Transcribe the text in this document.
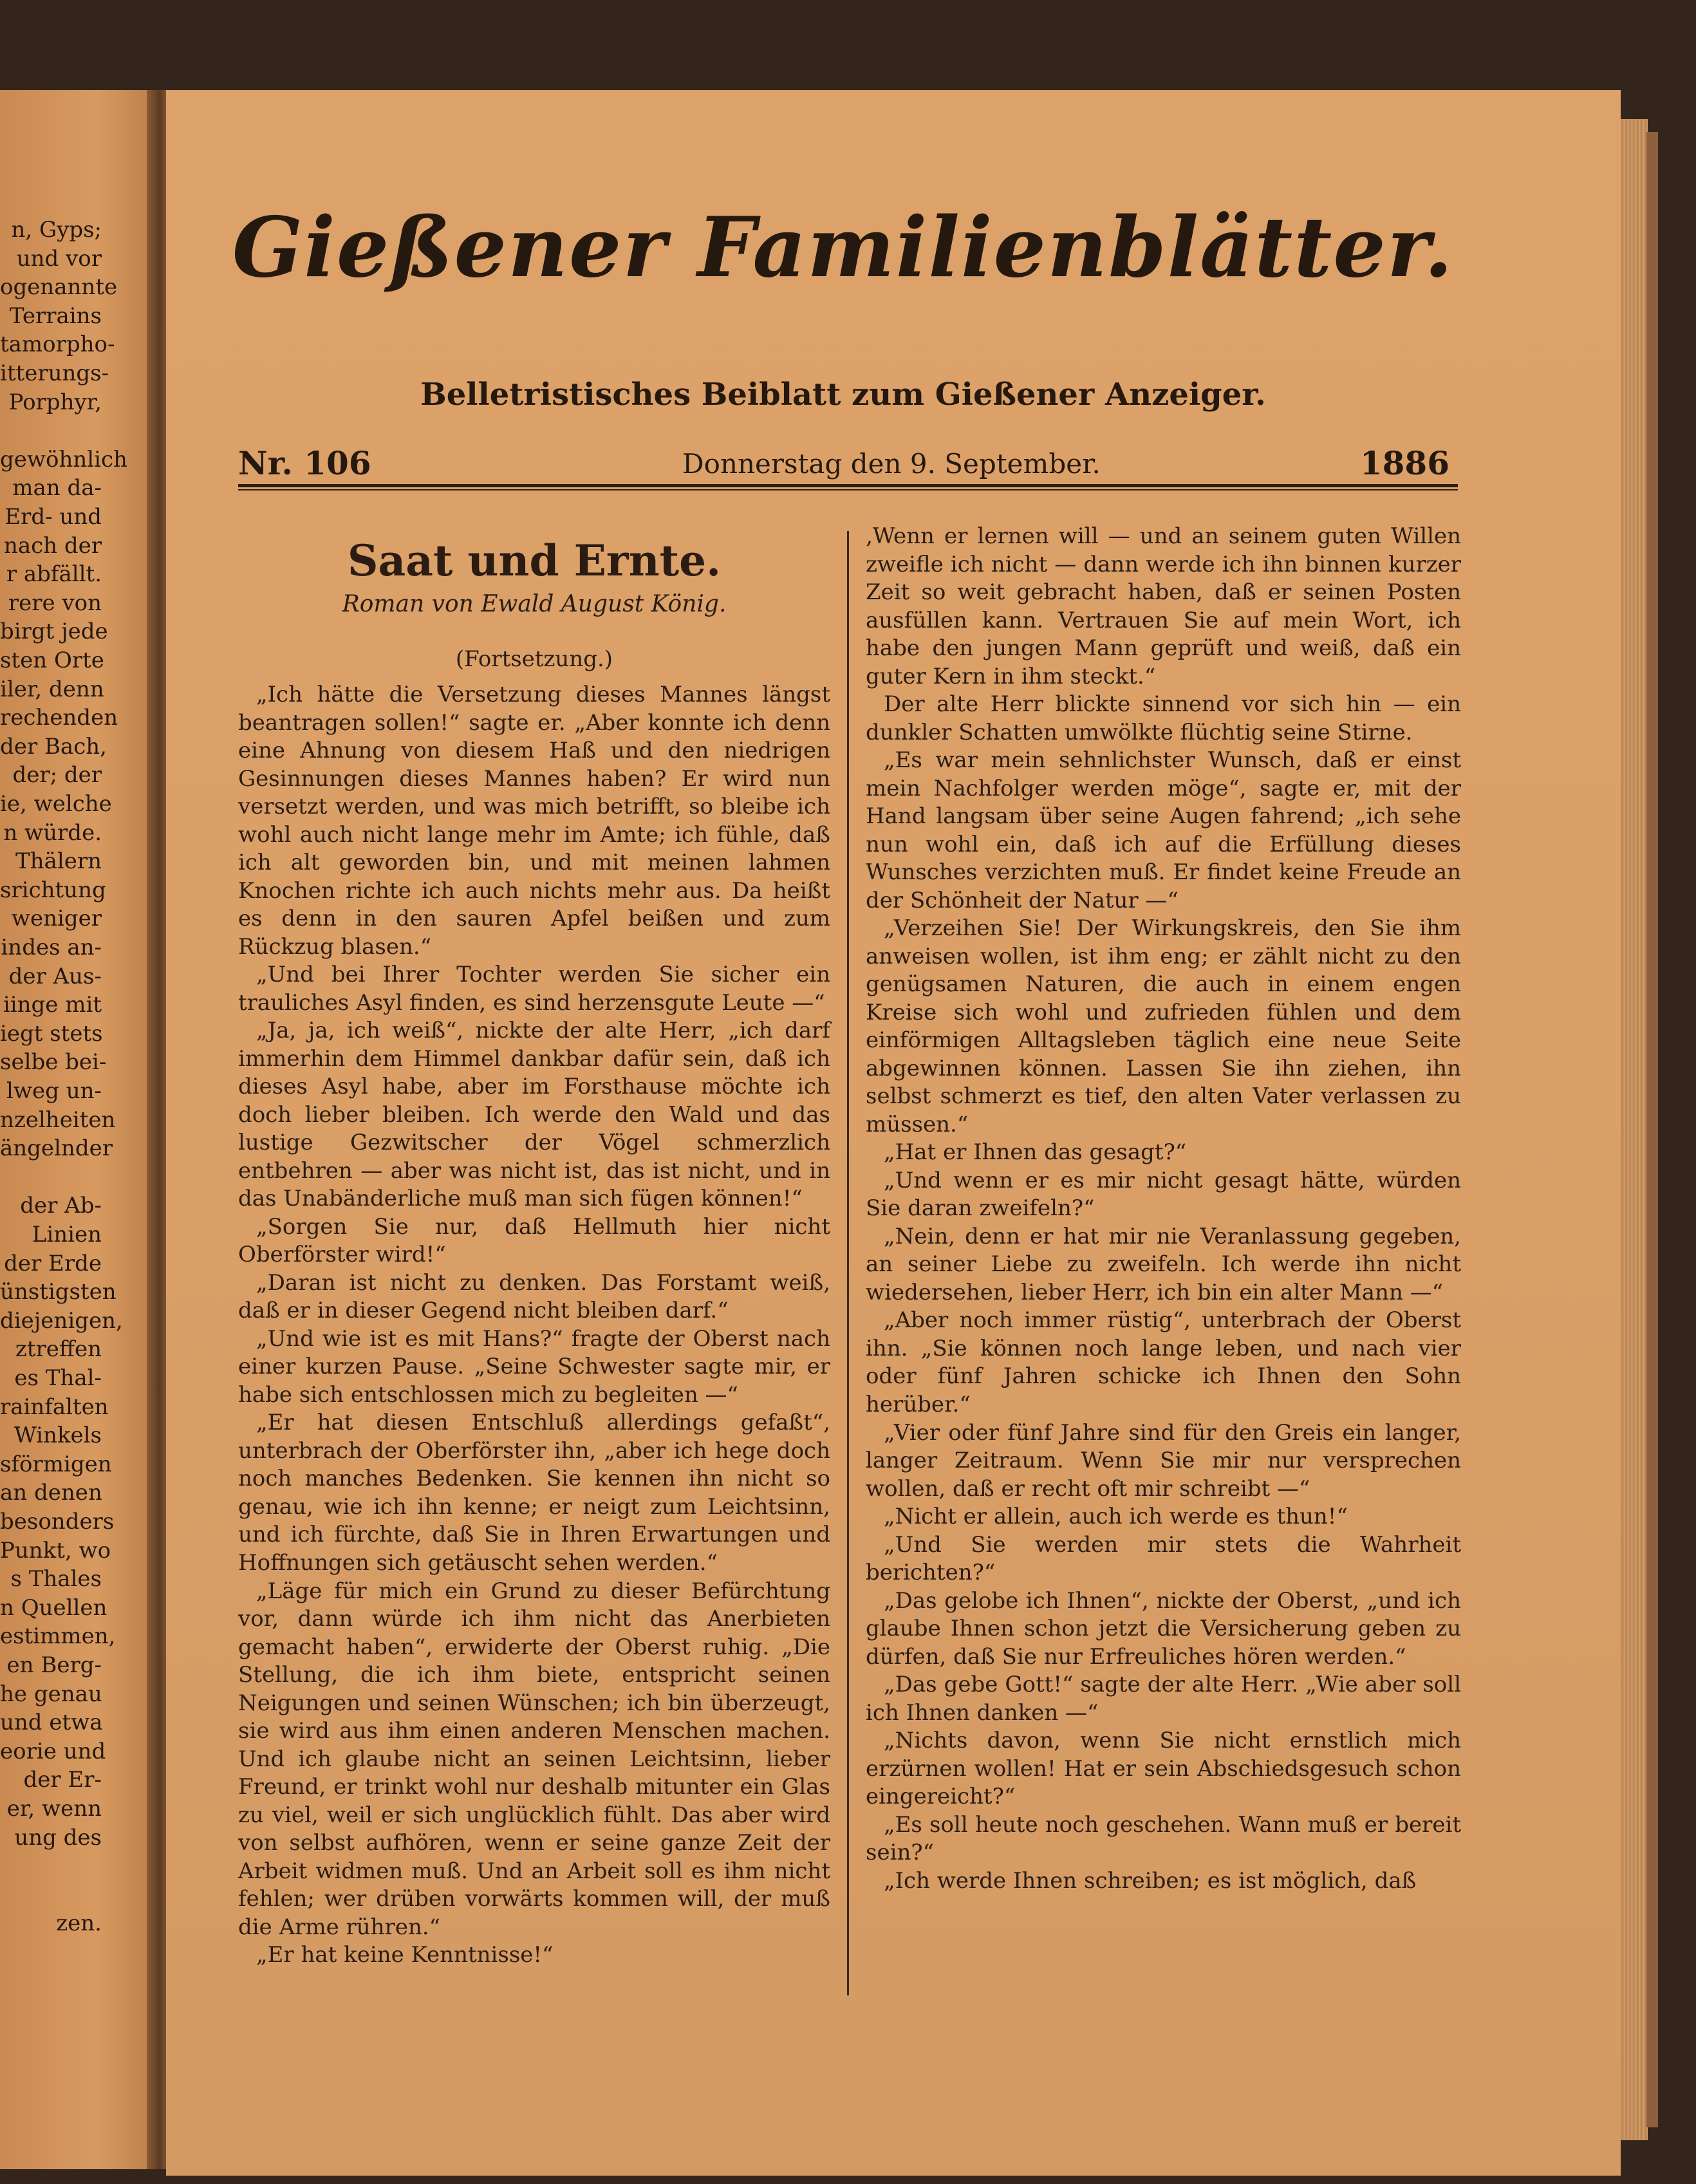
n, Gyps;
und vor
ogenannte
Terrains
tamorpho-
itterungs-
Porphyr,
gewöhnlich
man da-
Erd- und
nach der
r abfällt.
rere von
birgt jede
sten Orte
iler, denn
rechenden
der Bach,
der; der
ie, welche
n würde.
Thälern
srichtung
weniger
indes an-
der Aus-
iinge mit
iegt stets
selbe bei-
lweg un-
nzelheiten
ängelnder
der Ab-
Linien
der Erde
ünstigsten
diejenigen,
ztreffen
es Thal-
rainfalten
Winkels
sförmigen
an denen
besonders
Punkt, wo
s Thales
n Quellen
estimmen,
en Berg-
he genau
und etwa
eorie und
der Er-
er, wenn
ung des
zen.
Gießener Familienblätter.
Belletristisches Beiblatt zum Gießener Anzeiger.
Nr. 106	Donnerstag den 9. September.	1886
Saat und Ernte.
Roman von Ewald August König.
(Fortsetzung.)
„Ich hätte die Versetzung dieses Mannes längst beantragen sollen!“ sagte er. „Aber konnte ich denn eine Ahnung von diesem Haß und den niedrigen Gesinnungen dieses Mannes haben? Er wird nun versetzt werden, und was mich betrifft, so bleibe ich wohl auch nicht lange mehr im Amte; ich fühle, daß ich alt geworden bin, und mit meinen lahmen Knochen richte ich auch nichts mehr aus. Da heißt es denn in den sauren Apfel beißen und zum Rückzug blasen.“
„Und bei Ihrer Tochter werden Sie sicher ein trauliches Asyl finden, es sind herzensgute Leute —“
„Ja, ja, ich weiß“, nickte der alte Herr, „ich darf immerhin dem Himmel dankbar dafür sein, daß ich dieses Asyl habe, aber im Forsthause möchte ich doch lieber bleiben. Ich werde den Wald und das lustige Gezwitscher der Vögel schmerzlich entbehren — aber was nicht ist, das ist nicht, und in das Unabänderliche muß man sich fügen können!“
„Sorgen Sie nur, daß Hellmuth hier nicht Oberförster wird!“
„Daran ist nicht zu denken. Das Forstamt weiß, daß er in dieser Gegend nicht bleiben darf.“
„Und wie ist es mit Hans?“ fragte der Oberst nach einer kurzen Pause. „Seine Schwester sagte mir, er habe sich entschlossen mich zu begleiten —“
„Er hat diesen Entschluß allerdings gefaßt“, unterbrach der Oberförster ihn, „aber ich hege doch noch manches Bedenken. Sie kennen ihn nicht so genau, wie ich ihn kenne; er neigt zum Leichtsinn, und ich fürchte, daß Sie in Ihren Erwartungen und Hoffnungen sich getäuscht sehen werden.“
„Läge für mich ein Grund zu dieser Befürchtung vor, dann würde ich ihm nicht das Anerbieten gemacht haben“, erwiderte der Oberst ruhig. „Die Stellung, die ich ihm biete, entspricht seinen Neigungen und seinen Wünschen; ich bin überzeugt, sie wird aus ihm einen anderen Menschen machen. Und ich glaube nicht an seinen Leichtsinn, lieber Freund, er trinkt wohl nur deshalb mitunter ein Glas zu viel, weil er sich unglücklich fühlt. Das aber wird von selbst aufhören, wenn er seine ganze Zeit der Arbeit widmen muß. Und an Arbeit soll es ihm nicht fehlen; wer drüben vorwärts kommen will, der muß die Arme rühren.“
„Er hat keine Kenntnisse!“
‚Wenn er lernen will — und an seinem guten Willen zweifle ich nicht — dann werde ich ihn binnen kurzer Zeit so weit gebracht haben, daß er seinen Posten ausfüllen kann. Vertrauen Sie auf mein Wort, ich habe den jungen Mann geprüft und weiß, daß ein guter Kern in ihm steckt.“
Der alte Herr blickte sinnend vor sich hin — ein dunkler Schatten umwölkte flüchtig seine Stirne.
„Es war mein sehnlichster Wunsch, daß er einst mein Nachfolger werden möge“, sagte er, mit der Hand langsam über seine Augen fahrend; „ich sehe nun wohl ein, daß ich auf die Erfüllung dieses Wunsches verzichten muß. Er findet keine Freude an der Schönheit der Natur —“
„Verzeihen Sie! Der Wirkungskreis, den Sie ihm anweisen wollen, ist ihm eng; er zählt nicht zu den genügsamen Naturen, die auch in einem engen Kreise sich wohl und zufrieden fühlen und dem einförmigen Alltagsleben täglich eine neue Seite abgewinnen können. Lassen Sie ihn ziehen, ihn selbst schmerzt es tief, den alten Vater verlassen zu müssen.“
„Hat er Ihnen das gesagt?“
„Und wenn er es mir nicht gesagt hätte, würden Sie daran zweifeln?“
„Nein, denn er hat mir nie Veranlassung gegeben, an seiner Liebe zu zweifeln. Ich werde ihn nicht wiedersehen, lieber Herr, ich bin ein alter Mann —“
„Aber noch immer rüstig“, unterbrach der Oberst ihn. „Sie können noch lange leben, und nach vier oder fünf Jahren schicke ich Ihnen den Sohn herüber.“
„Vier oder fünf Jahre sind für den Greis ein langer, langer Zeitraum. Wenn Sie mir nur versprechen wollen, daß er recht oft mir schreibt —“
„Nicht er allein, auch ich werde es thun!“
„Und Sie werden mir stets die Wahrheit berichten?“
„Das gelobe ich Ihnen“, nickte der Oberst, „und ich glaube Ihnen schon jetzt die Versicherung geben zu dürfen, daß Sie nur Erfreuliches hören werden.“
„Das gebe Gott!“ sagte der alte Herr. „Wie aber soll ich Ihnen danken —“
„Nichts davon, wenn Sie nicht ernstlich mich erzürnen wollen! Hat er sein Abschiedsgesuch schon eingereicht?“
„Es soll heute noch geschehen. Wann muß er bereit sein?“
„Ich werde Ihnen schreiben; es ist möglich, daß
